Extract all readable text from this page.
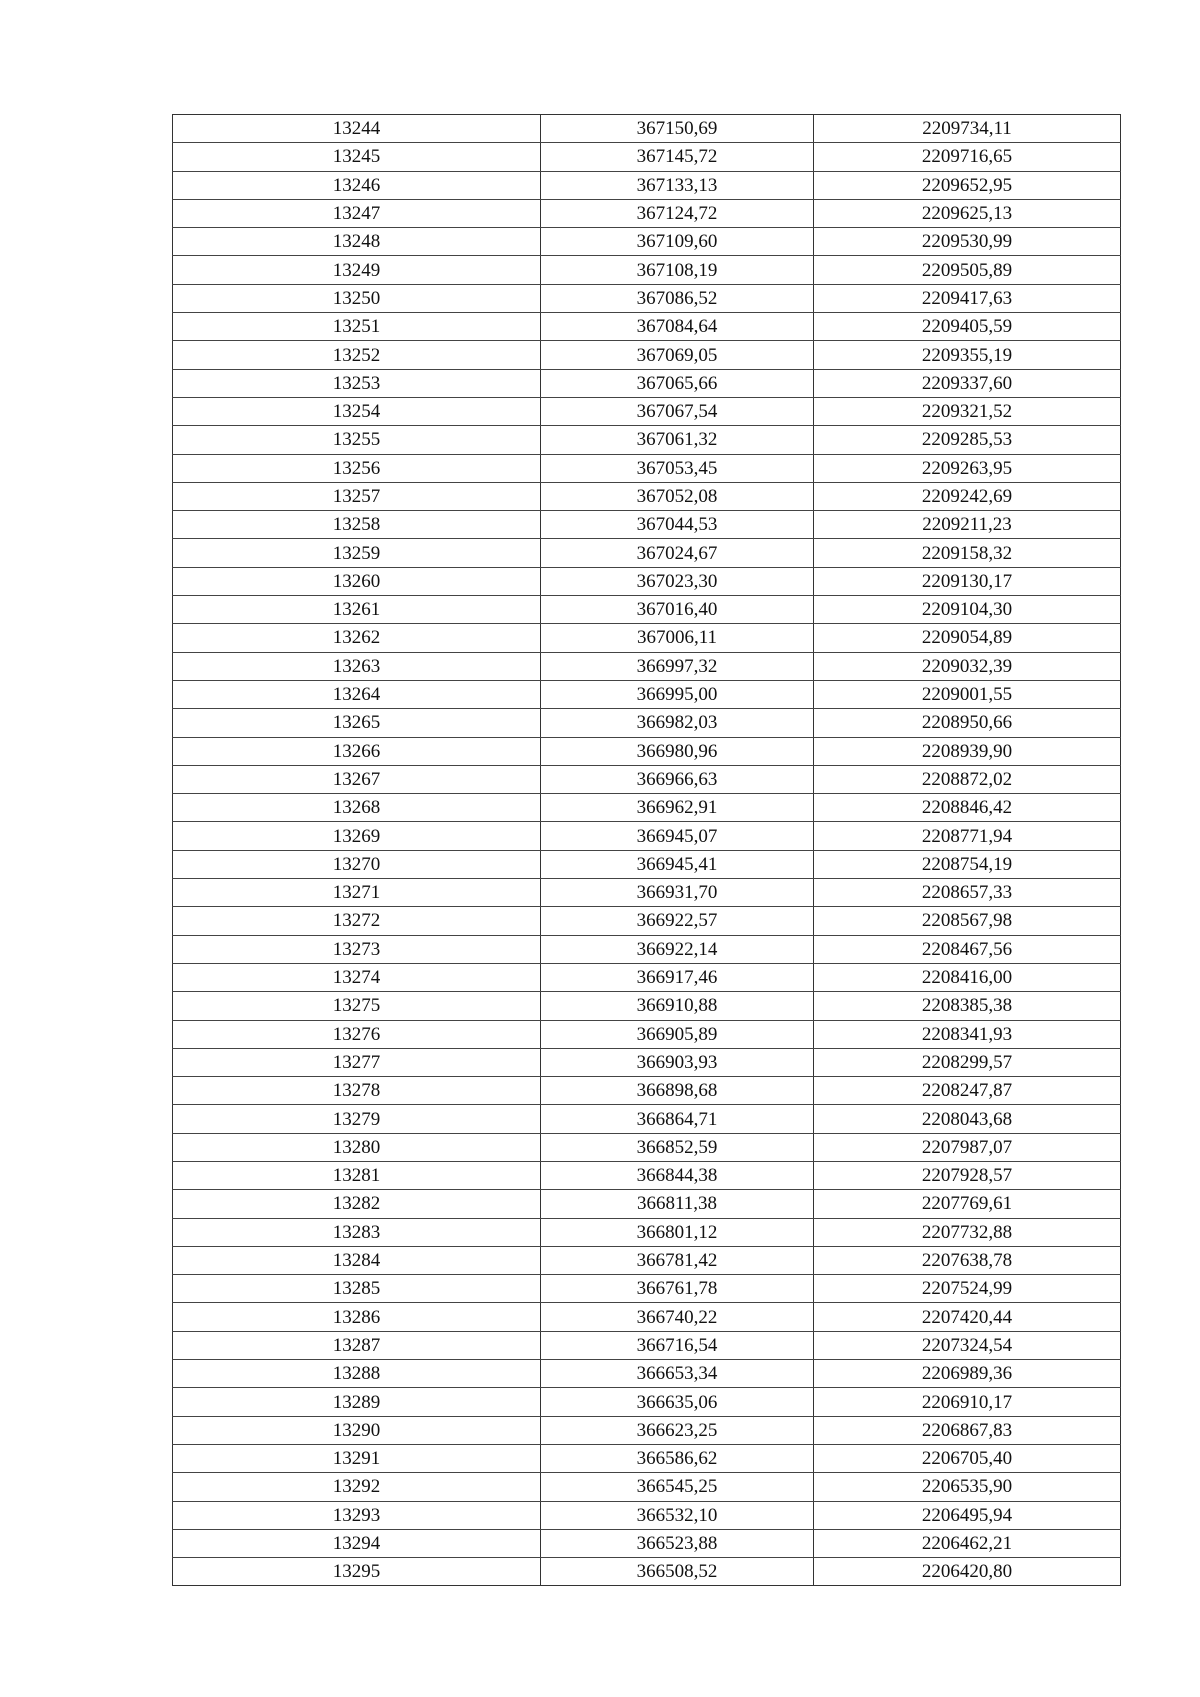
13244	367150,69	2209734,11
13245	367145,72	2209716,65
13246	367133,13	2209652,95
13247	367124,72	2209625,13
13248	367109,60	2209530,99
13249	367108,19	2209505,89
13250	367086,52	2209417,63
13251	367084,64	2209405,59
13252	367069,05	2209355,19
13253	367065,66	2209337,60
13254	367067,54	2209321,52
13255	367061,32	2209285,53
13256	367053,45	2209263,95
13257	367052,08	2209242,69
13258	367044,53	2209211,23
13259	367024,67	2209158,32
13260	367023,30	2209130,17
13261	367016,40	2209104,30
13262	367006,11	2209054,89
13263	366997,32	2209032,39
13264	366995,00	2209001,55
13265	366982,03	2208950,66
13266	366980,96	2208939,90
13267	366966,63	2208872,02
13268	366962,91	2208846,42
13269	366945,07	2208771,94
13270	366945,41	2208754,19
13271	366931,70	2208657,33
13272	366922,57	2208567,98
13273	366922,14	2208467,56
13274	366917,46	2208416,00
13275	366910,88	2208385,38
13276	366905,89	2208341,93
13277	366903,93	2208299,57
13278	366898,68	2208247,87
13279	366864,71	2208043,68
13280	366852,59	2207987,07
13281	366844,38	2207928,57
13282	366811,38	2207769,61
13283	366801,12	2207732,88
13284	366781,42	2207638,78
13285	366761,78	2207524,99
13286	366740,22	2207420,44
13287	366716,54	2207324,54
13288	366653,34	2206989,36
13289	366635,06	2206910,17
13290	366623,25	2206867,83
13291	366586,62	2206705,40
13292	366545,25	2206535,90
13293	366532,10	2206495,94
13294	366523,88	2206462,21
13295	366508,52	2206420,80
